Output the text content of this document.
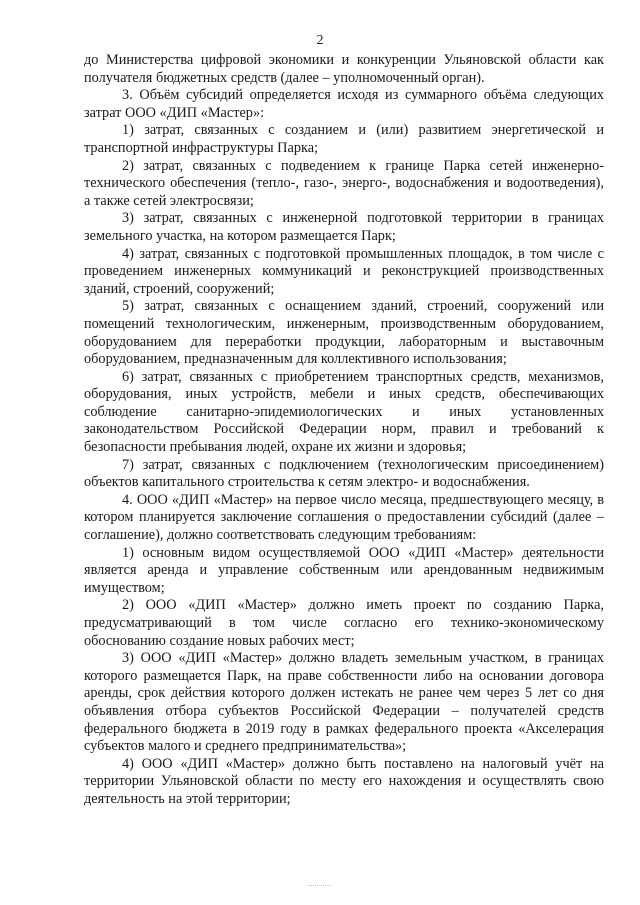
2

до Министерства цифровой экономики и конкуренции Ульяновской области как получателя бюджетных средств (далее – уполномоченный орган).

3. Объём субсидий определяется исходя из суммарного объёма следующих затрат ООО «ДИП «Мастер»:

1) затрат, связанных с созданием и (или) развитием энергетической и транспортной инфраструктуры Парка;

2) затрат, связанных с подведением к границе Парка сетей инженерно-технического обеспечения (тепло-, газо-, энерго-, водоснабжения и водоотведения), а также сетей электросвязи;

3) затрат, связанных с инженерной подготовкой территории в границах земельного участка, на котором размещается Парк;

4) затрат, связанных с подготовкой промышленных площадок, в том числе с проведением инженерных коммуникаций и реконструкцией производственных зданий, строений, сооружений;

5) затрат, связанных с оснащением зданий, строений, сооружений или помещений технологическим, инженерным, производственным оборудованием, оборудованием для переработки продукции, лабораторным и выставочным оборудованием, предназначенным для коллективного использования;

6) затрат, связанных с приобретением транспортных средств, механизмов, оборудования, иных устройств, мебели и иных средств, обеспечивающих соблюдение санитарно-эпидемиологических и иных установленных законодательством Российской Федерации норм, правил и требований к безопасности пребывания людей, охране их жизни и здоровья;

7) затрат, связанных с подключением (технологическим присоединением) объектов капитального строительства к сетям электро- и водоснабжения.

4. ООО «ДИП «Мастер» на первое число месяца, предшествующего месяцу, в котором планируется заключение соглашения о предоставлении субсидий (далее – соглашение), должно соответствовать следующим требованиям:

1) основным видом осуществляемой ООО «ДИП «Мастер» деятельности является аренда и управление собственным или арендованным недвижимым имуществом;

2) ООО «ДИП «Мастер» должно иметь проект по созданию Парка, предусматривающий в том числе согласно его технико-экономическому обоснованию создание новых рабочих мест;

3) ООО «ДИП «Мастер» должно владеть земельным участком, в границах которого размещается Парк, на праве собственности либо на основании договора аренды, срок действия которого должен истекать не ранее чем через 5 лет со дня объявления отбора субъектов Российской Федерации – получателей средств федерального бюджета в 2019 году в рамках федерального проекта «Акселерация субъектов малого и среднего предпринимательства»;

4) ООО «ДИП «Мастер» должно быть поставлено на налоговый учёт на территории Ульяновской области по месту его нахождения и осуществлять свою деятельность на этой территории;
